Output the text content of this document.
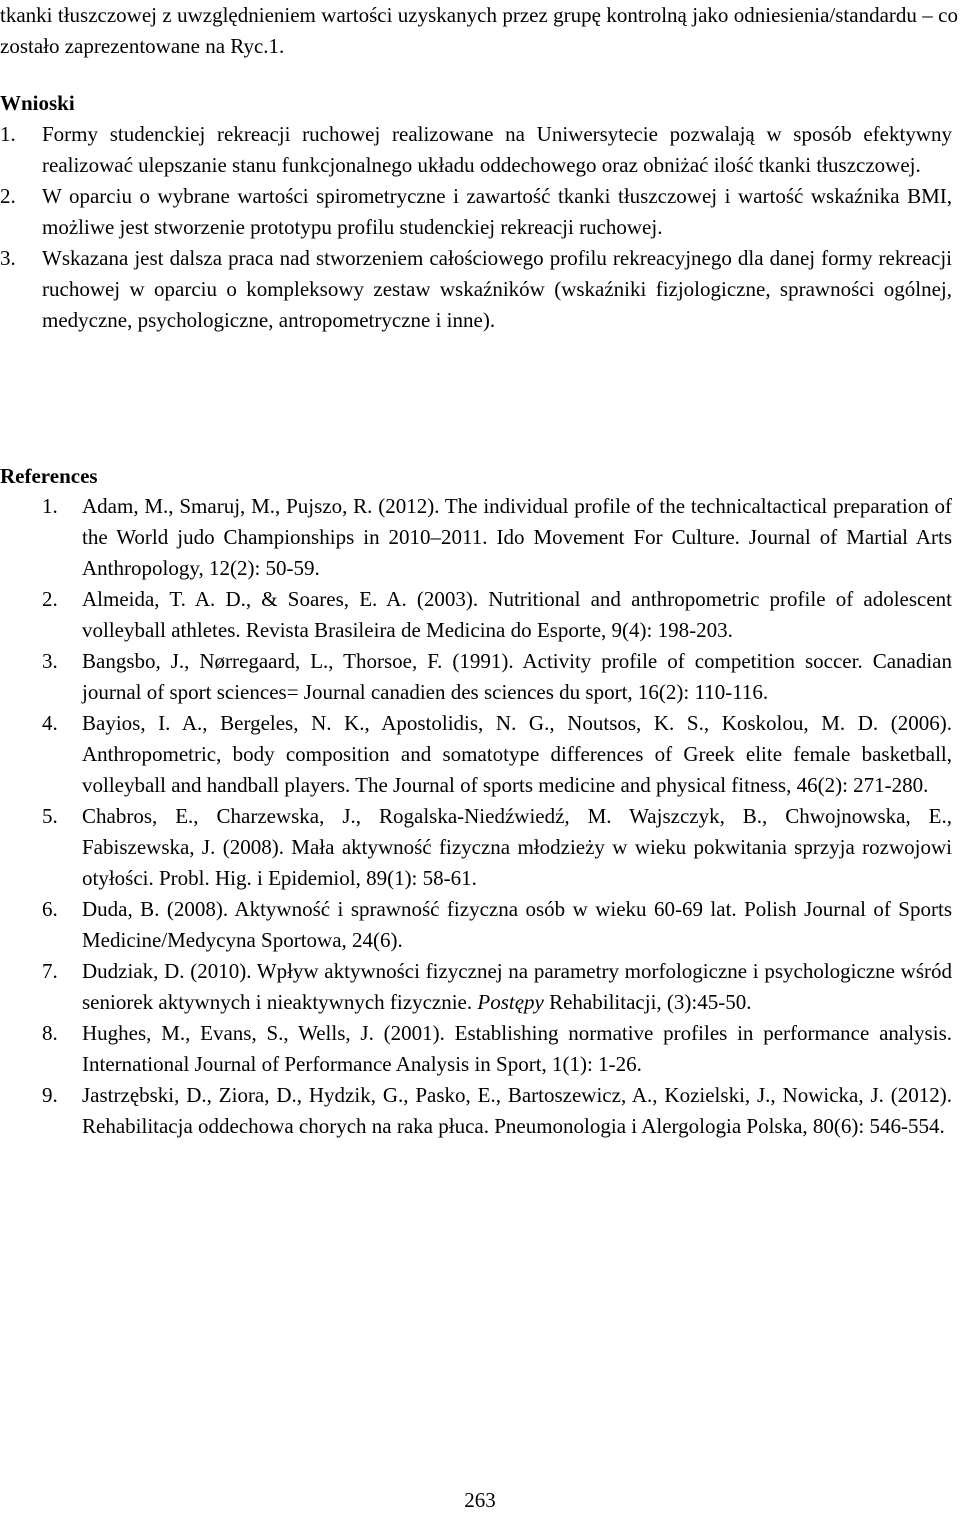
tkanki tłuszczowej z uwzględnieniem wartości uzyskanych przez grupę kontrolną jako odniesienia/standardu – co zostało zaprezentowane na Ryc.1.

Wnioski
1. Formy studenckiej rekreacji ruchowej realizowane na Uniwersytecie pozwalają w sposób efektywny realizować ulepszanie stanu funkcjonalnego układu oddechowego oraz obniżać ilość tkanki tłuszczowej.
2. W oparciu o wybrane wartości spirometryczne i zawartość tkanki tłuszczowej i wartość wskaźnika BMI, możliwe jest stworzenie prototypu profilu studenckiej rekreacji ruchowej.
3. Wskazana jest dalsza praca nad stworzeniem całościowego profilu rekreacyjnego dla danej formy rekreacji ruchowej w oparciu o kompleksowy zestaw wskaźników (wskaźniki fizjologiczne, sprawności ogólnej, medyczne, psychologiczne, antropometryczne i inne).
References
1. Adam, M., Smaruj, M., Pujszo, R. (2012). The individual profile of the technicaltactical preparation of the World judo Championships in 2010–2011. Ido Movement For Culture. Journal of Martial Arts Anthropology, 12(2): 50-59.
2. Almeida, T. A. D., & Soares, E. A. (2003). Nutritional and anthropometric profile of adolescent volleyball athletes. Revista Brasileira de Medicina do Esporte, 9(4): 198-203.
3. Bangsbo, J., Nørregaard, L., Thorsoe, F. (1991). Activity profile of competition soccer. Canadian journal of sport sciences= Journal canadien des sciences du sport, 16(2): 110-116.
4. Bayios, I. A., Bergeles, N. K., Apostolidis, N. G., Noutsos, K. S., Koskolou, M. D. (2006). Anthropometric, body composition and somatotype differences of Greek elite female basketball, volleyball and handball players. The Journal of sports medicine and physical fitness, 46(2): 271-280.
5. Chabros, E., Charzewska, J., Rogalska-Niedźwiedź, M. Wajszczyk, B., Chwojnowska, E., Fabiszewska, J. (2008). Mała aktywność fizyczna młodzieży w wieku pokwitania sprzyja rozwojowi otyłości. Probl. Hig. i Epidemiol, 89(1): 58-61.
6. Duda, B. (2008). Aktywność i sprawność fizyczna osób w wieku 60-69 lat. Polish Journal of Sports Medicine/Medycyna Sportowa, 24(6).
7. Dudziak, D. (2010). Wpływ aktywności fizycznej na parametry morfologiczne i psychologiczne wśród seniorek aktywnych i nieaktywnych fizycznie. Postępy Rehabilitacji, (3):45-50.
8. Hughes, M., Evans, S., Wells, J. (2001). Establishing normative profiles in performance analysis. International Journal of Performance Analysis in Sport, 1(1): 1-26.
9. Jastrzębski, D., Ziora, D., Hydzik, G., Pasko, E., Bartoszewicz, A., Kozielski, J., Nowicka, J. (2012). Rehabilitacja oddechowa chorych na raka płuca. Pneumonologia i Alergologia Polska, 80(6): 546-554.
263
